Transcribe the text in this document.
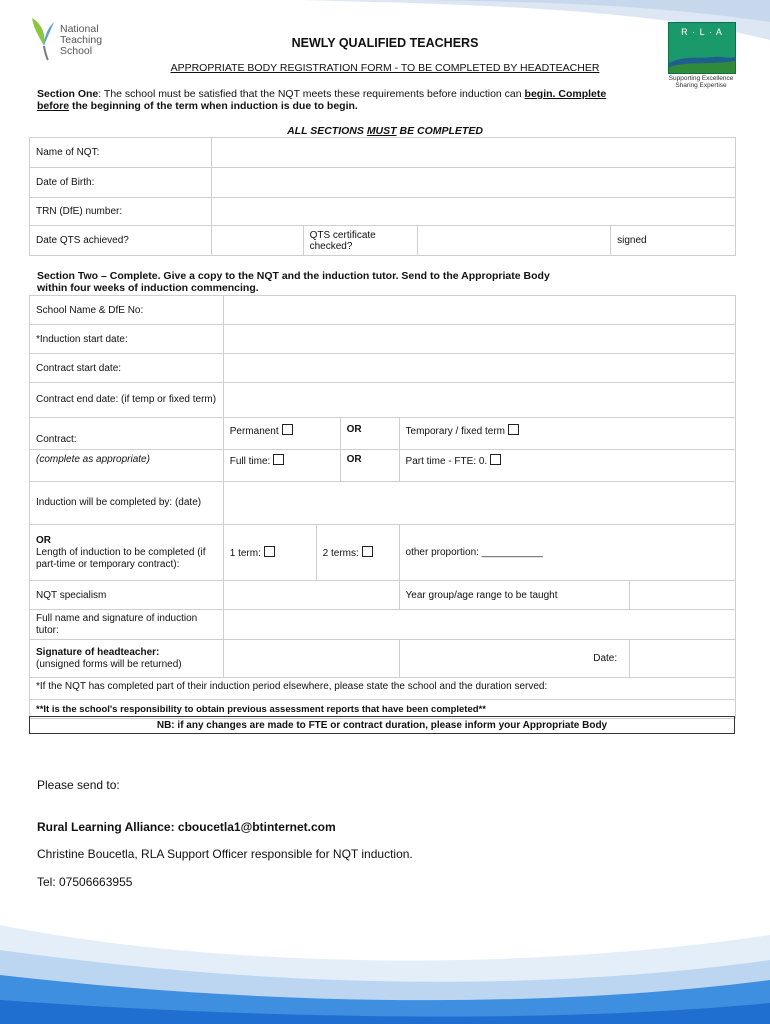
National
Teaching
School
R · L · A
Supporting Excellence
Sharing Expertise
NEWLY QUALIFIED TEACHERS
APPROPRIATE BODY REGISTRATION FORM - TO BE COMPLETED BY HEADTEACHER
Section One: The school must be satisfied that the NQT meets these requirements before induction can begin. Complete
before the beginning of the term when induction is due to begin.
ALL SECTIONS MUST BE COMPLETED
Name of NQT:				
Date of Birth:				
TRN (DfE) number:				
Date QTS achieved?		QTS certificate checked?		signed
Section Two – Complete. Give a copy to the NQT and the induction tutor. Send to the Appropriate Body
within four weeks of induction commencing.
School Name & DfE No:					
*Induction start date:					
Contract start date:					
Contract end date: (if temp or fixed term)					
Contract:	Permanent		OR	Temporary / fixed term	
(complete as appropriate)	Full time:		OR	Part time - FTE: 0.	
Induction will be completed by: (date)					

OR
Length of induction to be completed (if part-time or temporary contract):	1 term:	2 terms:		other proportion: ___________	
NQT specialism				Year group/age range to be taught	
Full name and signature of induction tutor:					

Signature of headteacher:
(unsigned forms will be returned)				Date:	
*If the NQT has completed part of their induction period elsewhere, please state the school and the duration served:					
**It is the school's responsibility to obtain previous assessment reports that have been completed**					
NB: if any changes are made to FTE or contract duration, please inform your Appropriate Body
Please send to:
Rural Learning Alliance: cboucetla1@btinternet.com
Christine Boucetla, RLA Support Officer responsible for NQT induction.
Tel: 07506663955
